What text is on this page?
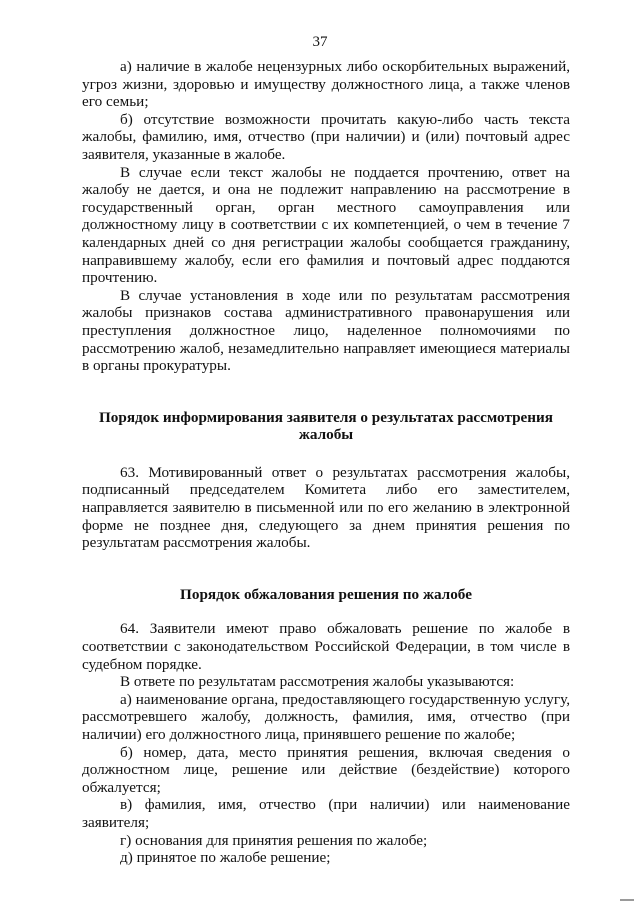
37

а) наличие в жалобе нецензурных либо оскорбительных выражений, угроз жизни, здоровью и имуществу должностного лица, а также членов его семьи;

б) отсутствие возможности прочитать какую-либо часть текста жалобы, фамилию, имя, отчество (при наличии) и (или) почтовый адрес заявителя, указанные в жалобе.

В случае если текст жалобы не поддается прочтению, ответ на жалобу не дается, и она не подлежит направлению на рассмотрение в государственный орган, орган местного самоуправления или должностному лицу в соответствии с их компетенцией, о чем в течение 7 календарных дней со дня регистрации жалобы сообщается гражданину, направившему жалобу, если его фамилия и почтовый адрес поддаются прочтению.

В случае установления в ходе или по результатам рассмотрения жалобы признаков состава административного правонарушения или преступления должностное лицо, наделенное полномочиями по рассмотрению жалоб, незамедлительно направляет имеющиеся материалы в органы прокуратуры.

Порядок информирования заявителя о результатах рассмотрения жалобы

63. Мотивированный ответ о результатах рассмотрения жалобы, подписанный председателем Комитета либо его заместителем, направляется заявителю в письменной или по его желанию в электронной форме не позднее дня, следующего за днем принятия решения по результатам рассмотрения жалобы.

Порядок обжалования решения по жалобе

64. Заявители имеют право обжаловать решение по жалобе в соответствии с законодательством Российской Федерации, в том числе в судебном порядке.

В ответе по результатам рассмотрения жалобы указываются:

а) наименование органа, предоставляющего государственную услугу, рассмотревшего жалобу, должность, фамилия, имя, отчество (при наличии) его должностного лица, принявшего решение по жалобе;

б) номер, дата, место принятия решения, включая сведения о должностном лице, решение или действие (бездействие) которого обжалуется;

в) фамилия, имя, отчество (при наличии) или наименование заявителя;

г) основания для принятия решения по жалобе;

д) принятое по жалобе решение;
